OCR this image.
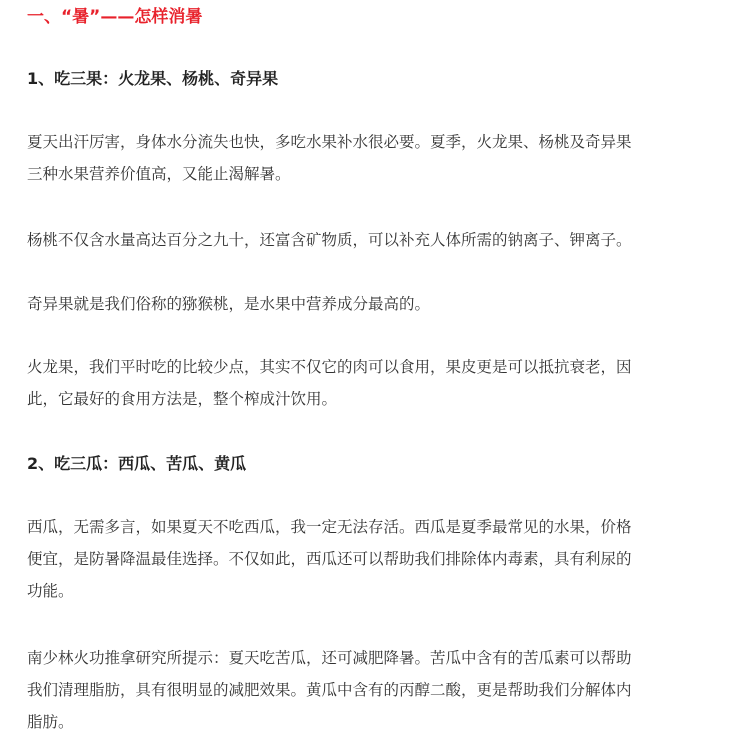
一、“暑”——怎样消暑
1、吃三果：火龙果、杨桃、奇异果

夏天出汗厉害，身体水分流失也快，多吃水果补水很必要。夏季，火龙果、杨桃及奇异果
三种水果营养价值高，又能止渴解暑。

杨桃不仅含水量高达百分之九十，还富含矿物质，可以补充人体所需的钠离子、钾离子。

奇异果就是我们俗称的猕猴桃，是水果中营养成分最高的。

火龙果，我们平时吃的比较少点，其实不仅它的肉可以食用，果皮更是可以抵抗衰老，因
此，它最好的食用方法是，整个榨成汁饮用。

2、吃三瓜：西瓜、苦瓜、黄瓜

西瓜，无需多言，如果夏天不吃西瓜，我一定无法存活。西瓜是夏季最常见的水果，价格
便宜，是防暑降温最佳选择。不仅如此，西瓜还可以帮助我们排除体内毒素，具有利尿的
功能。

南少林火功推拿研究所提示：夏天吃苦瓜，还可减肥降暑。苦瓜中含有的苦瓜素可以帮助
我们清理脂肪，具有很明显的减肥效果。黄瓜中含有的丙醇二酸，更是帮助我们分解体内
脂肪。
